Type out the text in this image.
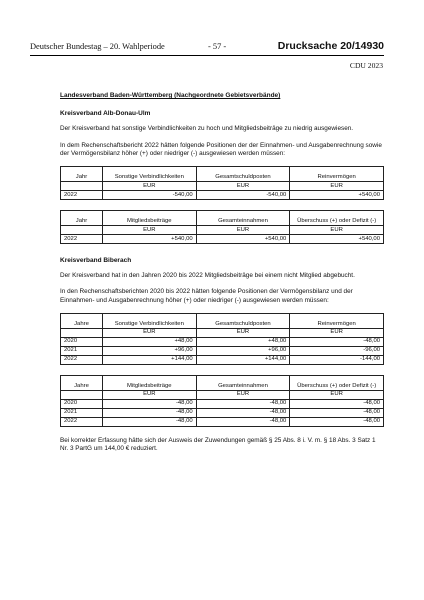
Deutscher Bundestag – 20. Wahlperiode	- 57 -	Drucksache 20/14930
CDU 2023
Landesverband Baden-Württemberg (Nachgeordnete Gebietsverbände)
Kreisverband Alb-Donau-Ulm

Der Kreisverband hat sonstige Verbindlichkeiten zu hoch und Mitgliedsbeiträge zu niedrig ausgewiesen.

In dem Rechenschaftsbericht 2022 hätten folgende Positionen der der Einnahmen- und Ausgabenrechnung sowie der Vermögensbilanz höher (+) oder niedriger (-) ausgewiesen werden müssen:

Jahr	Sonstige Verbindlichkeiten	Gesamtschuldposten	Reinvermögen
	EUR	EUR	EUR
2022	-540,00	-540,00	+540,00
Jahr	Mitgliedsbeiträge	Gesamteinnahmen	Überschuss (+) oder Defizit (-)
	EUR	EUR	EUR
2022	+540,00	+540,00	+540,00
Kreisverband Biberach

Der Kreisverband hat in den Jahren 2020 bis 2022 Mitgliedsbeiträge bei einem nicht Mitglied abgebucht.

In den Rechenschaftsberichten 2020 bis 2022 hätten folgende Positionen der Vermögensbilanz und der Einnahmen- und Ausgabenrechnung höher (+) oder niedriger (-) ausgewiesen werden müssen:

Jahre	Sonstige Verbindlichkeiten	Gesamtschuldposten	Reinvermögen
	EUR	EUR	EUR
2020	+48,00	+48,00	-48,00
2021	+96,00	+96,00	-96,00
2022	+144,00	+144,00	-144,00
Jahre	Mitgliedsbeiträge	Gesamteinnahmen	Überschuss (+) oder Defizit (-)
	EUR	EUR	EUR
2020	-48,00	-48,00	-48,00
2021	-48,00	-48,00	-48,00
2022	-48,00	-48,00	-48,00

Bei korrekter Erfassung hätte sich der Ausweis der Zuwendungen gemäß § 25 Abs. 8 i. V. m. § 18 Abs. 3 Satz 1 Nr. 3 PartG um 144,00 € reduziert.
